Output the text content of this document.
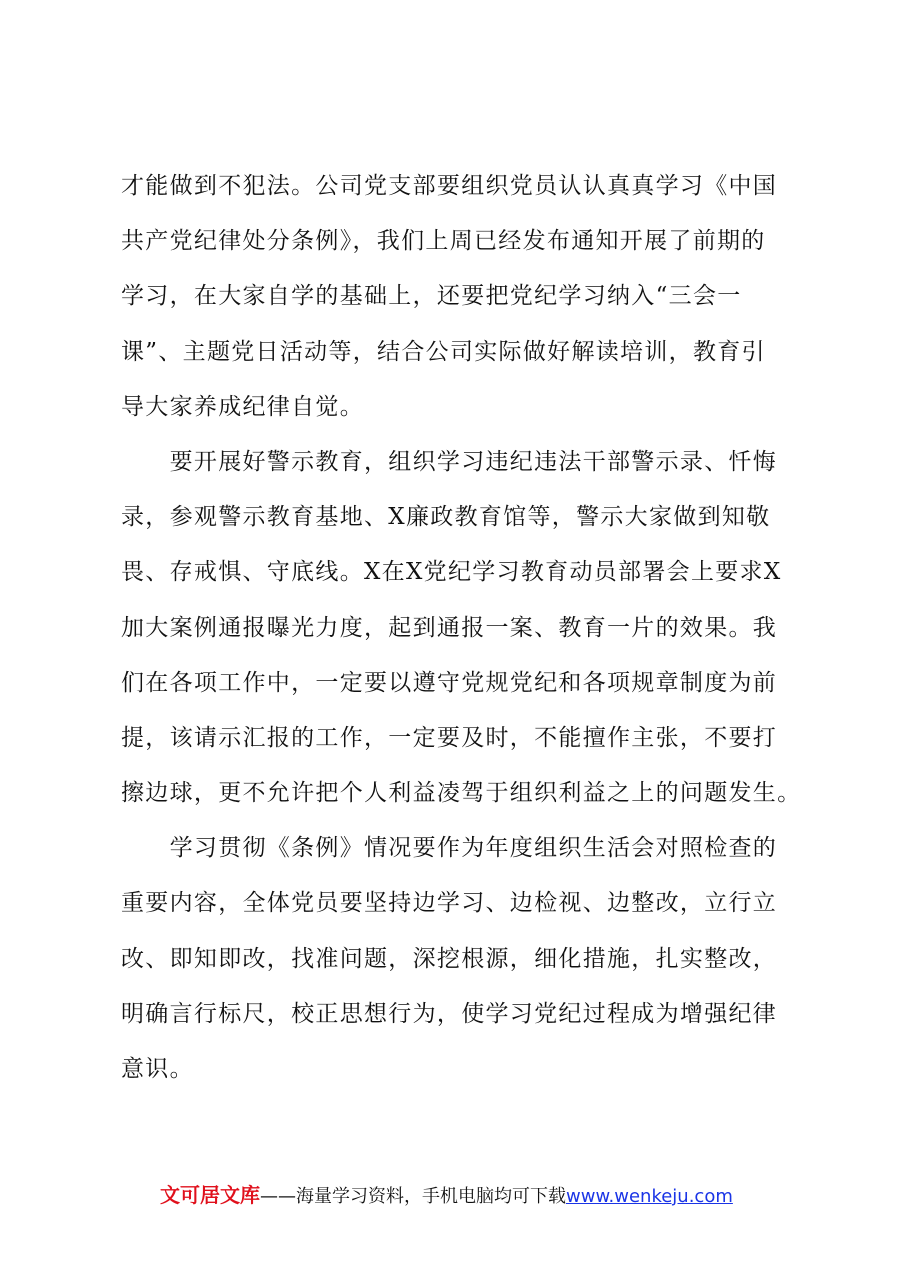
才能做到不犯法。公司党支部要组织党员认认真真学习《中国
共产党纪律处分条例》，我们上周已经发布通知开展了前期的
学习，在大家自学的基础上，还要把党纪学习纳入“三会一
课”、主题党日活动等，结合公司实际做好解读培训，教育引
导大家养成纪律自觉。
　　要开展好警示教育，组织学习违纪违法干部警示录、忏悔
录，参观警示教育基地、X廉政教育馆等，警示大家做到知敬
畏、存戒惧、守底线。X在X党纪学习教育动员部署会上要求X
加大案例通报曝光力度，起到通报一案、教育一片的效果。我
们在各项工作中，一定要以遵守党规党纪和各项规章制度为前
提，该请示汇报的工作，一定要及时，不能擅作主张，不要打
擦边球，更不允许把个人利益凌驾于组织利益之上的问题发生。
　　学习贯彻《条例》情况要作为年度组织生活会对照检查的
重要内容，全体党员要坚持边学习、边检视、边整改，立行立
改、即知即改，找准问题，深挖根源，细化措施，扎实整改，
明确言行标尺，校正思想行为，使学习党纪过程成为增强纪律
意识。
文可居文库——海量学习资料，手机电脑均可下载www.wenkeju.com
